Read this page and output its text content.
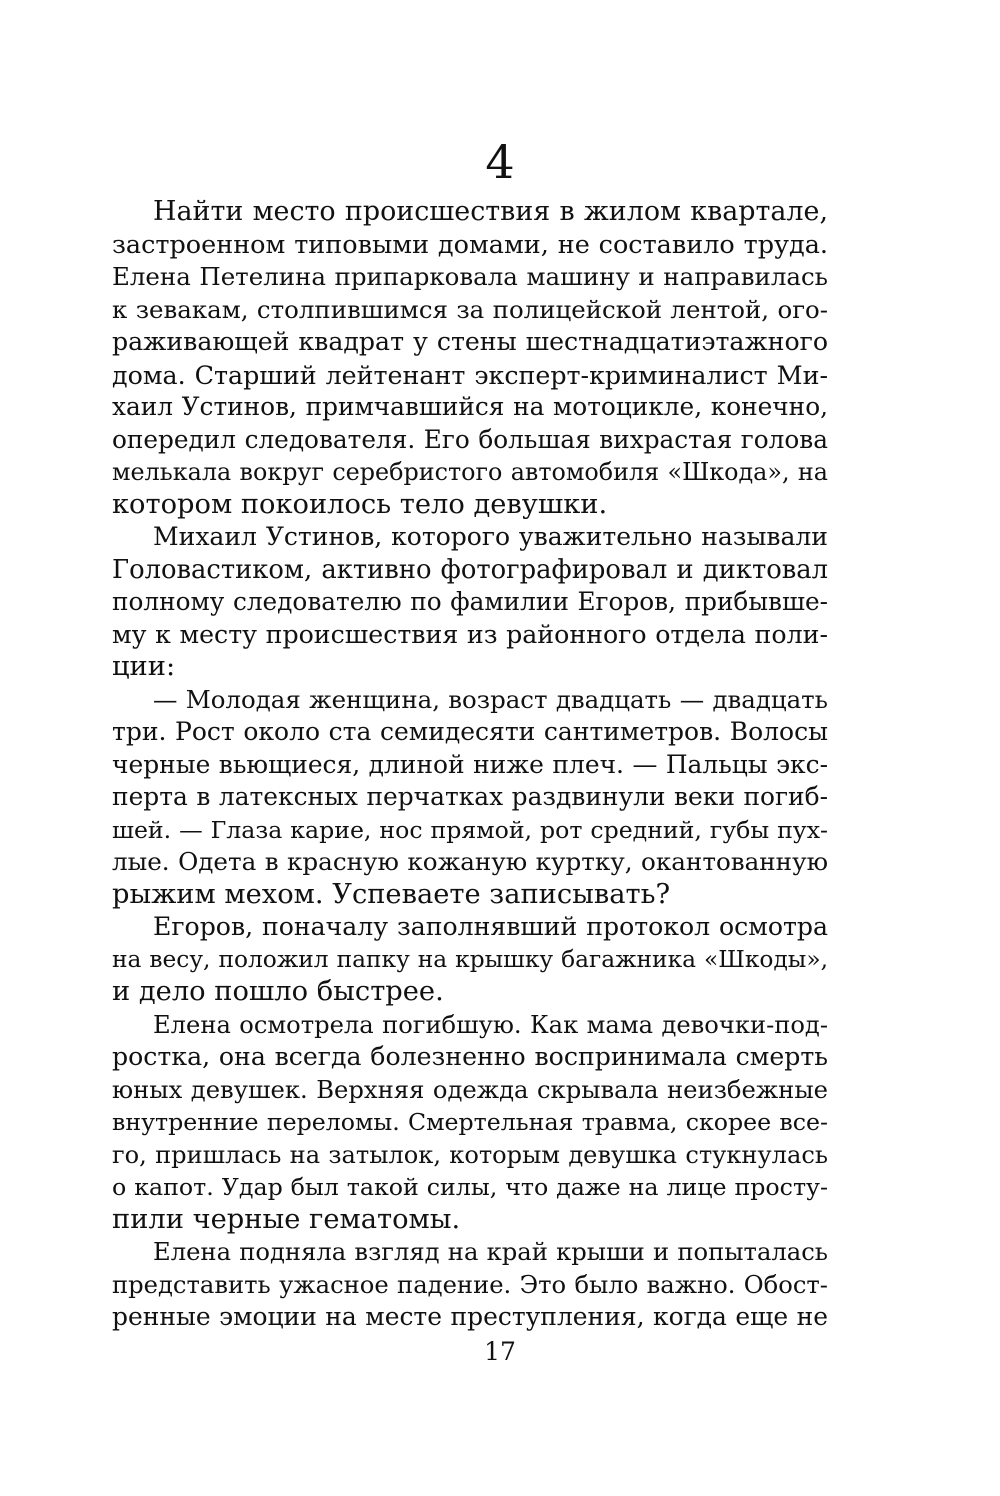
4
Найти место происшествия в жилом квартале,
застроенном типовыми домами, не составило труда.
Елена Петелина припарковала машину и направилась
к зевакам, столпившимся за полицейской лентой, ого-
раживающей квадрат у стены шестнадцатиэтажного
дома. Старший лейтенант эксперт-криминалист Ми-
хаил Устинов, примчавшийся на мотоцикле, конечно,
опередил следователя. Его большая вихрастая голова
мелькала вокруг серебристого автомобиля «Шкода», на
котором покоилось тело девушки.
Михаил Устинов, которого уважительно называли
Головастиком, активно фотографировал и диктовал
полному следователю по фамилии Егоров, прибывше-
му к месту происшествия из районного отдела поли-
ции:
— Молодая женщина, возраст двадцать — двадцать
три. Рост около ста семидесяти сантиметров. Волосы
черные вьющиеся, длиной ниже плеч. — Пальцы экс-
перта в латексных перчатках раздвинули веки погиб-
шей. — Глаза карие, нос прямой, рот средний, губы пух-
лые. Одета в красную кожаную куртку, окантованную
рыжим мехом. Успеваете записывать?
Егоров, поначалу заполнявший протокол осмотра
на весу, положил папку на крышку багажника «Шкоды»,
и дело пошло быстрее.
Елена осмотрела погибшую. Как мама девочки-под-
ростка, она всегда болезненно воспринимала смерть
юных девушек. Верхняя одежда скрывала неизбежные
внутренние переломы. Смертельная травма, скорее все-
го, пришлась на затылок, которым девушка стукнулась
о капот. Удар был такой силы, что даже на лице просту-
пили черные гематомы.
Елена подняла взгляд на край крыши и попыталась
представить ужасное падение. Это было важно. Обост-
ренные эмоции на месте преступления, когда еще не
17
